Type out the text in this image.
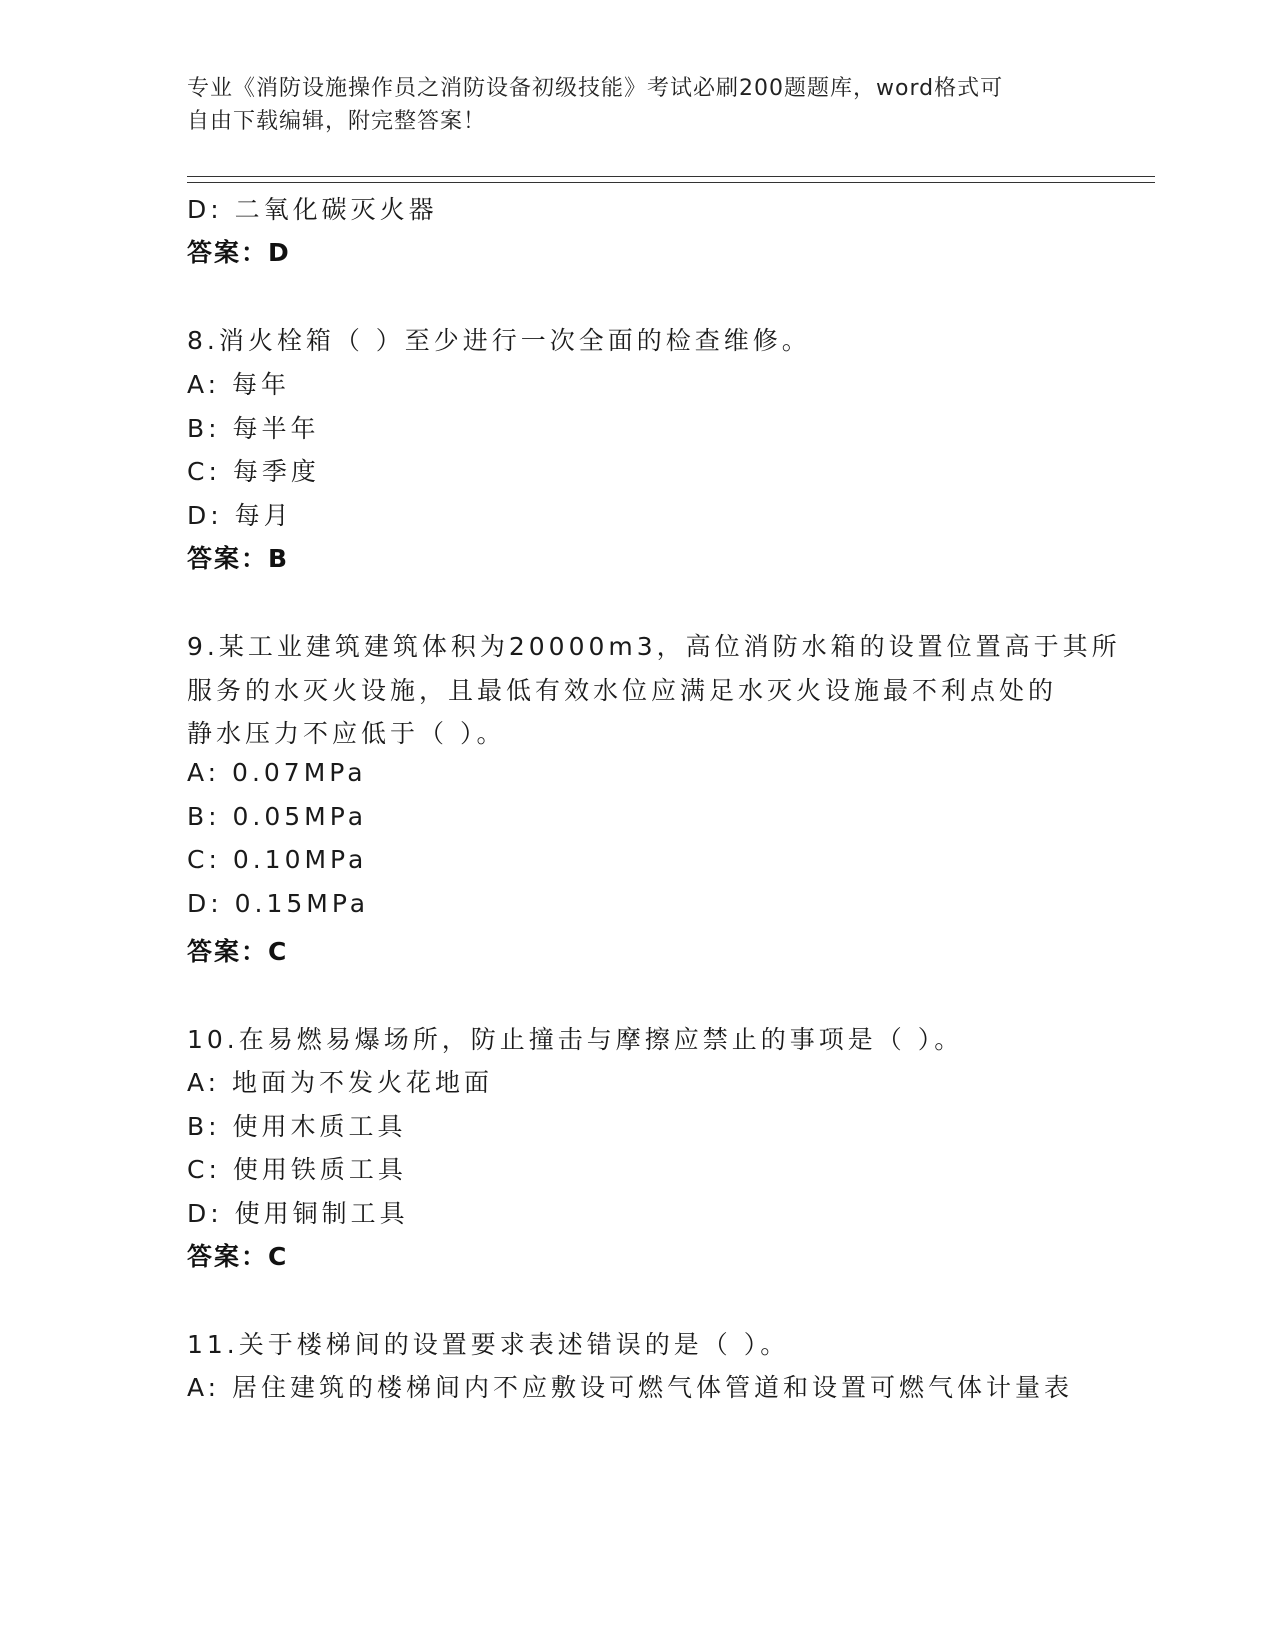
专业《消防设施操作员之消防设备初级技能》考试必刷200题题库，word格式可
自由下载编辑，附完整答案！
D: 二氧化碳灭火器
答案：D
8.消火栓箱（ ）至少进行一次全面的检查维修。
A: 每年
B: 每半年
C: 每季度
D: 每月
答案：B
9.某工业建筑建筑体积为20000m3，高位消防水箱的设置位置高于其所
服务的水灭火设施，且最低有效水位应满足水灭火设施最不利点处的
静水压力不应低于（ ）。
A: 0.07MPa
B: 0.05MPa
C: 0.10MPa
D: 0.15MPa
答案：C
10.在易燃易爆场所，防止撞击与摩擦应禁止的事项是（ ）。
A: 地面为不发火花地面
B: 使用木质工具
C: 使用铁质工具
D: 使用铜制工具
答案：C
11.关于楼梯间的设置要求表述错误的是（ ）。
A: 居住建筑的楼梯间内不应敷设可燃气体管道和设置可燃气体计量表
